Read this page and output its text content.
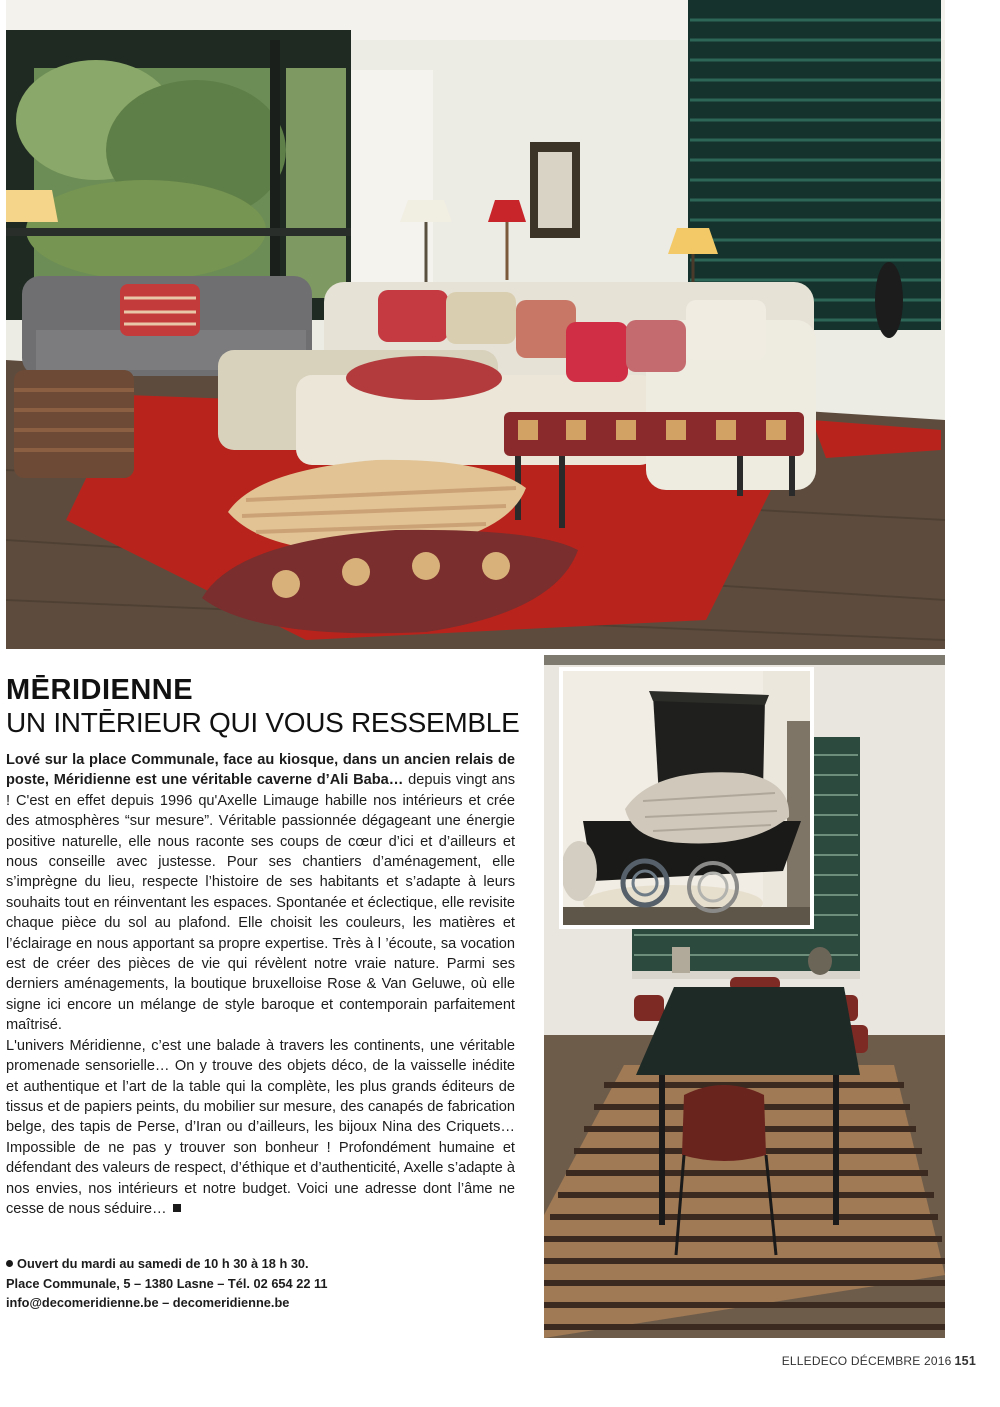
MĒRIDIENNE
UN INTĒRIEUR QUI VOUS RESSEMBLE

Lové sur la place Communale, face au kiosque, dans un ancien relais de poste, Méridienne est une véritable caverne d’Ali Baba… depuis vingt ans ! C'est en effet depuis 1996 qu'Axelle Limauge habille nos intérieurs et crée des atmosphères “sur mesure”. Véritable passionnée dégageant une énergie positive naturelle, elle nous raconte ses coups de cœur d’ici et d’ailleurs et nous conseille avec justesse. Pour ses chantiers d’aménagement, elle s’imprègne du lieu, respecte l’histoire de ses habitants et s’adapte à leurs souhaits tout en réinventant les espaces. Spontanée et éclectique, elle revisite chaque pièce du sol au plafond. Elle choisit les couleurs, les matières et l’éclairage en nous apportant sa propre expertise. Très à l ’écoute, sa vocation est de créer des pièces de vie qui révèlent notre vraie nature. Parmi ses derniers aménagements, la boutique bruxelloise Rose & Van Geluwe, où elle signe ici encore un mélange de style baroque et contemporain parfaitement maîtrisé.

L'univers Méridienne, c’est une balade à travers les continents, une véritable promenade sensorielle… On y trouve des objets déco, de la vaisselle inédite et authentique et l’art de la table qui la complète, les plus grands éditeurs de tissus et de papiers peints, du mobilier sur mesure, des canapés de fabrication belge, des tapis de Perse, d’Iran ou d’ailleurs, les bijoux Nina des Criquets… Impossible de ne pas y trouver son bonheur ! Profondément humaine et défendant des valeurs de respect, d’éthique et d’authenticité, Axelle s’adapte à nos envies, nos intérieurs et notre budget. Voici une adresse dont l’âme ne cesse de nous séduire…

Ouvert du mardi au samedi de 10 h 30 à 18 h 30.
Place Communale, 5 – 1380 Lasne – Tél. 02 654 22 11
info@decomeridienne.be – decomeridienne.be
ELLEDECO DÉCEMBRE 2016 151
